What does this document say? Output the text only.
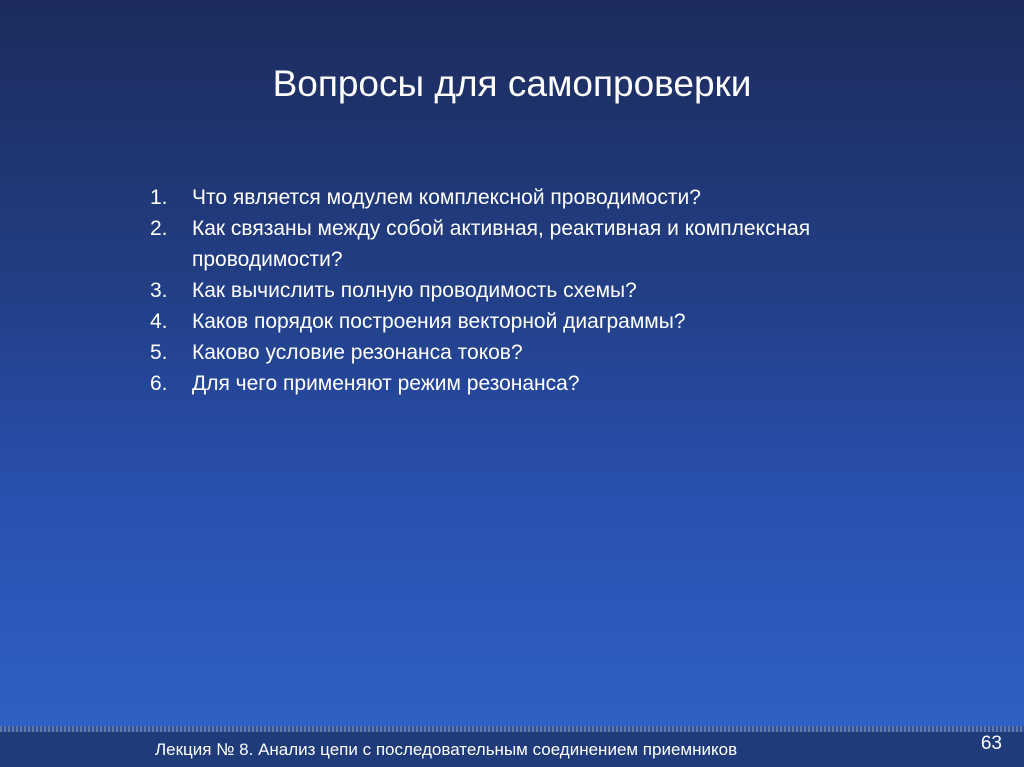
Вопросы для самопроверки
1.	Что является модулем комплексной проводимости?
2.	Как связаны между собой активная, реактивная и комплексная проводимости?
3.	Как вычислить полную проводимость схемы?
4.	Каков порядок построения векторной диаграммы?
5.	Каково условие резонанса токов?
6.	Для чего применяют режим резонанса?
Лекция № 8. Анализ цепи с последовательным соединением приемников	63
